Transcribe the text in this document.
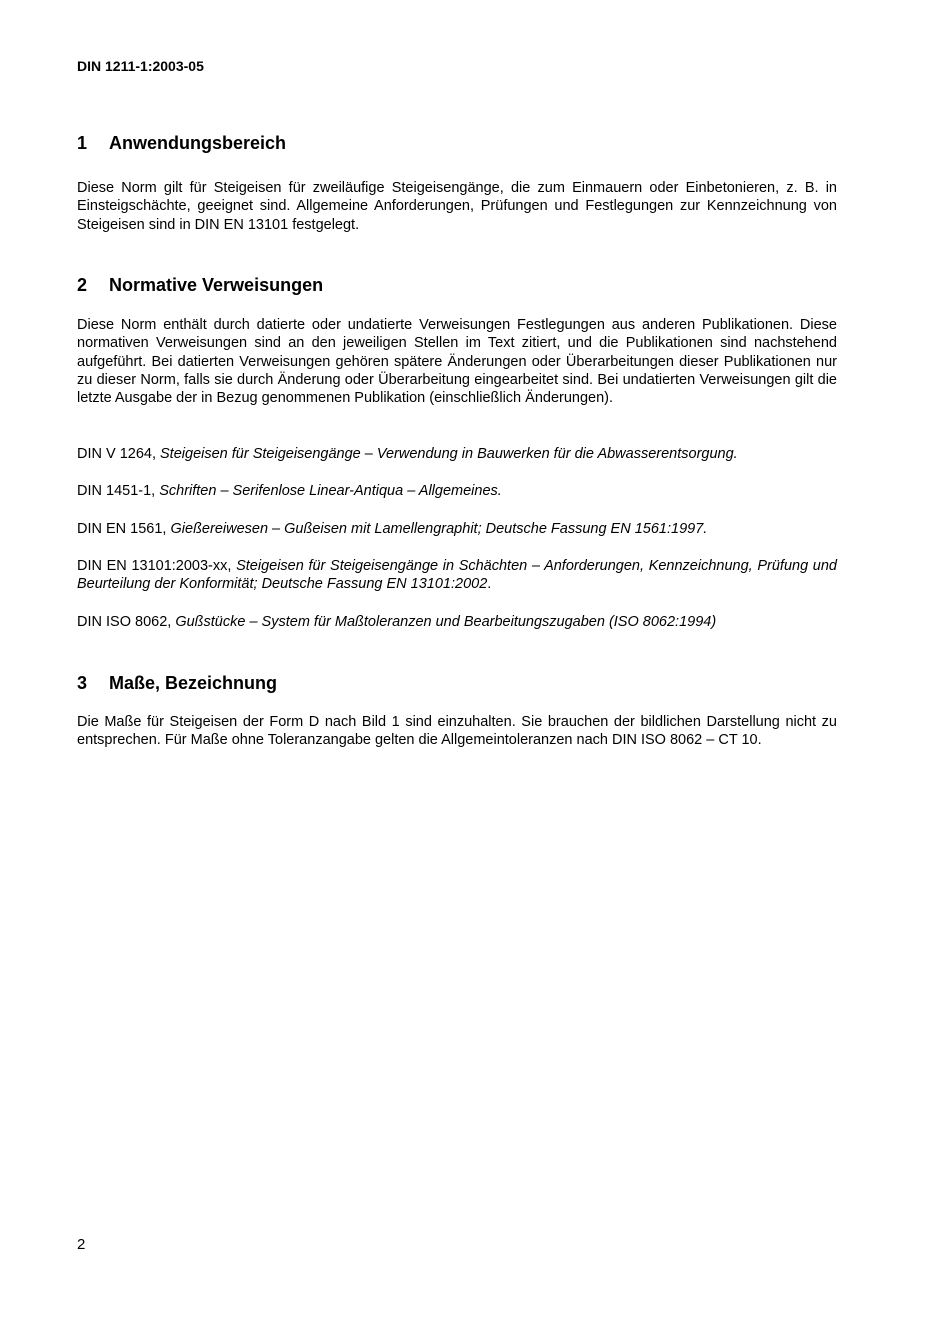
DIN 1211-1:2003-05
1 Anwendungsbereich
Diese Norm gilt für Steigeisen für zweiläufige Steigeisengänge, die zum Einmauern oder Einbetonieren, z. B. in Einsteigschächte, geeignet sind. Allgemeine Anforderungen, Prüfungen und Festlegungen zur Kennzeichnung von Steigeisen sind in DIN EN 13101 festgelegt.
2 Normative Verweisungen
Diese Norm enthält durch datierte oder undatierte Verweisungen Festlegungen aus anderen Publikationen. Diese normativen Verweisungen sind an den jeweiligen Stellen im Text zitiert, und die Publikationen sind nachstehend aufgeführt. Bei datierten Verweisungen gehören spätere Änderungen oder Überarbeitungen dieser Publikationen nur zu dieser Norm, falls sie durch Änderung oder Überarbeitung eingearbeitet sind. Bei undatierten Verweisungen gilt die letzte Ausgabe der in Bezug genommenen Publikation (einschließlich Änderungen).
DIN V 1264, Steigeisen für Steigeisengänge – Verwendung in Bauwerken für die Abwasserentsorgung.
DIN 1451-1, Schriften – Serifenlose Linear-Antiqua – Allgemeines.
DIN EN 1561, Gießereiwesen – Gußeisen mit Lamellengraphit; Deutsche Fassung EN 1561:1997.
DIN EN 13101:2003-xx, Steigeisen für Steigeisengänge in Schächten – Anforderungen, Kennzeichnung, Prüfung und Beurteilung der Konformität; Deutsche Fassung EN 13101:2002.
DIN ISO 8062, Gußstücke – System für Maßtoleranzen und Bearbeitungszugaben (ISO 8062:1994)
3 Maße, Bezeichnung
Die Maße für Steigeisen der Form D nach Bild 1 sind einzuhalten. Sie brauchen der bildlichen Darstellung nicht zu entsprechen. Für Maße ohne Toleranzangabe gelten die Allgemeintoleranzen nach DIN ISO 8062 – CT 10.
2
